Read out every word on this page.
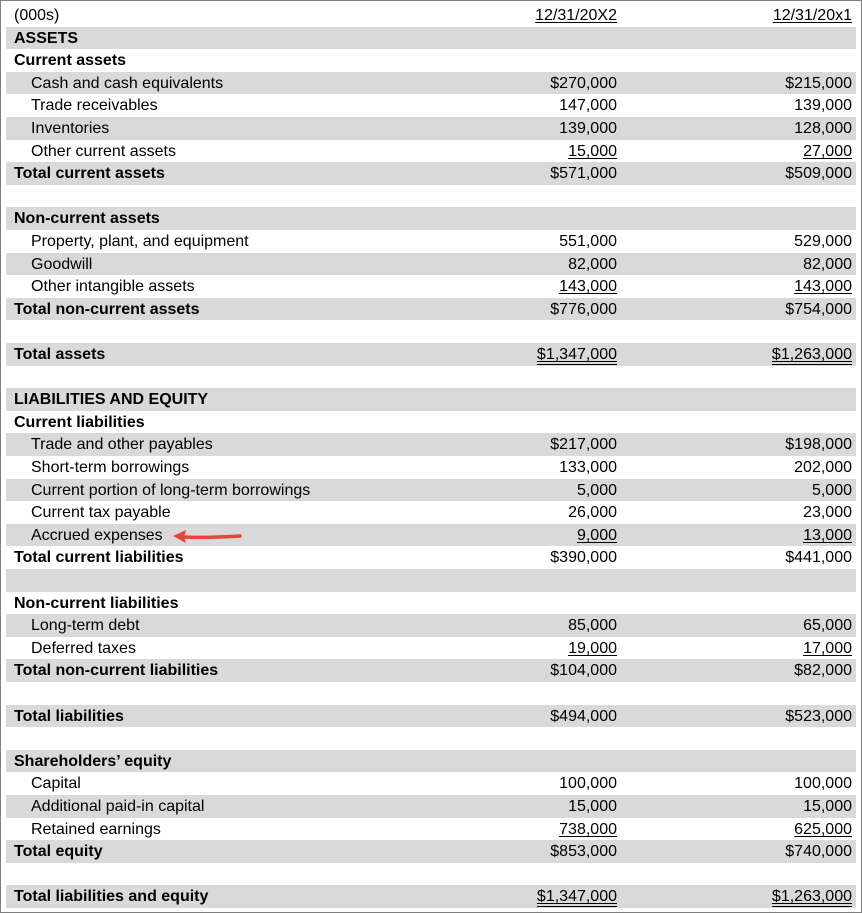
(000s)	12/31/20X2	12/31/20x1
ASSETS
Current assets
Cash and cash equivalents	$270,000	$215,000
Trade receivables	147,000	139,000
Inventories	139,000	128,000
Other current assets	15,000	27,000
Total current assets	$571,000	$509,000
Non-current assets
Property, plant, and equipment	551,000	529,000
Goodwill	82,000	82,000
Other intangible assets	143,000	143,000
Total non-current assets	$776,000	$754,000
Total assets	$1,347,000	$1,263,000
LIABILITIES AND EQUITY
Current liabilities
Trade and other payables	$217,000	$198,000
Short-term borrowings	133,000	202,000
Current portion of long-term borrowings	5,000	5,000
Current tax payable	26,000	23,000
Accrued expenses	9,000	13,000
Total current liabilities	$390,000	$441,000
Non-current liabilities
Long-term debt	85,000	65,000
Deferred taxes	19,000	17,000
Total non-current liabilities	$104,000	$82,000
Total liabilities	$494,000	$523,000
Shareholders’ equity
Capital	100,000	100,000
Additional paid-in capital	15,000	15,000
Retained earnings	738,000	625,000
Total equity	$853,000	$740,000
Total liabilities and equity	$1,347,000	$1,263,000
